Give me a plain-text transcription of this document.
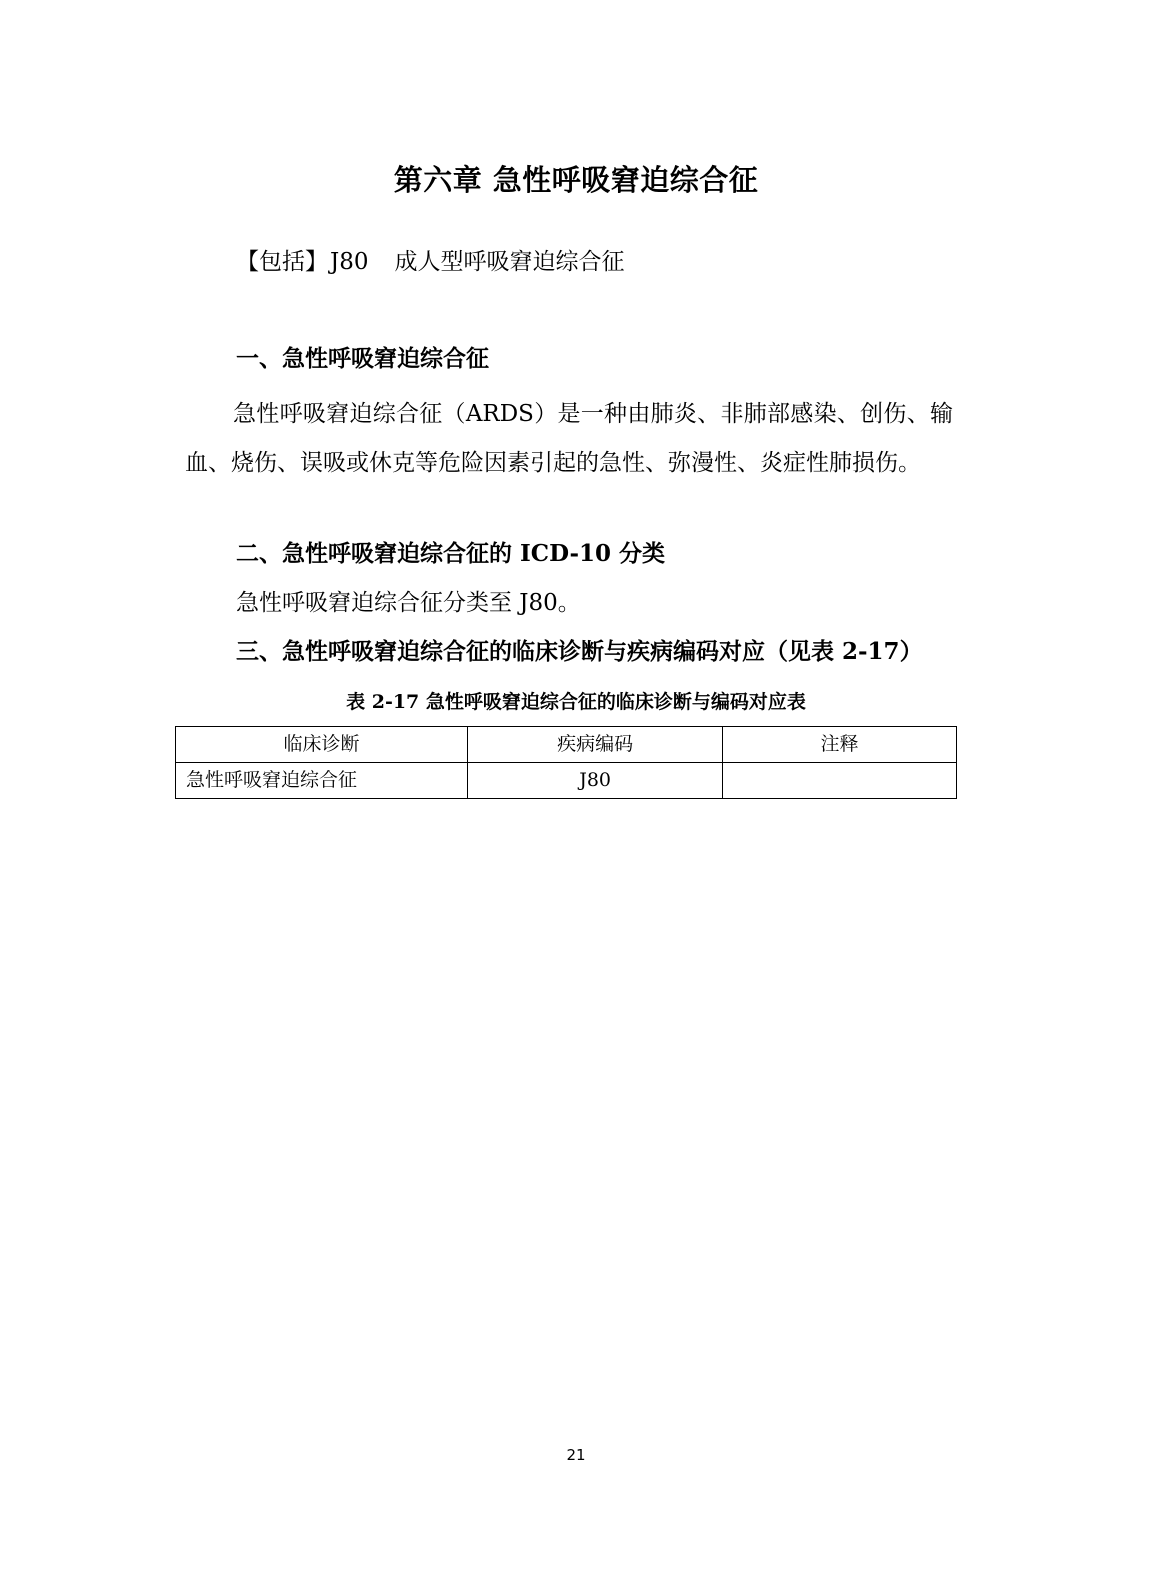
第六章 急性呼吸窘迫综合征

【包括】J80 成人型呼吸窘迫综合征

一、急性呼吸窘迫综合征

急性呼吸窘迫综合征（ARDS）是一种由肺炎、非肺部感染、创伤、输血、烧伤、误吸或休克等危险因素引起的急性、弥漫性、炎症性肺损伤。

二、急性呼吸窘迫综合征的 ICD-10 分类

急性呼吸窘迫综合征分类至 J80。

三、急性呼吸窘迫综合征的临床诊断与疾病编码对应（见表 2-17）

表 2-17 急性呼吸窘迫综合征的临床诊断与编码对应表

临床诊断	疾病编码	注释
急性呼吸窘迫综合征	J80	

21
